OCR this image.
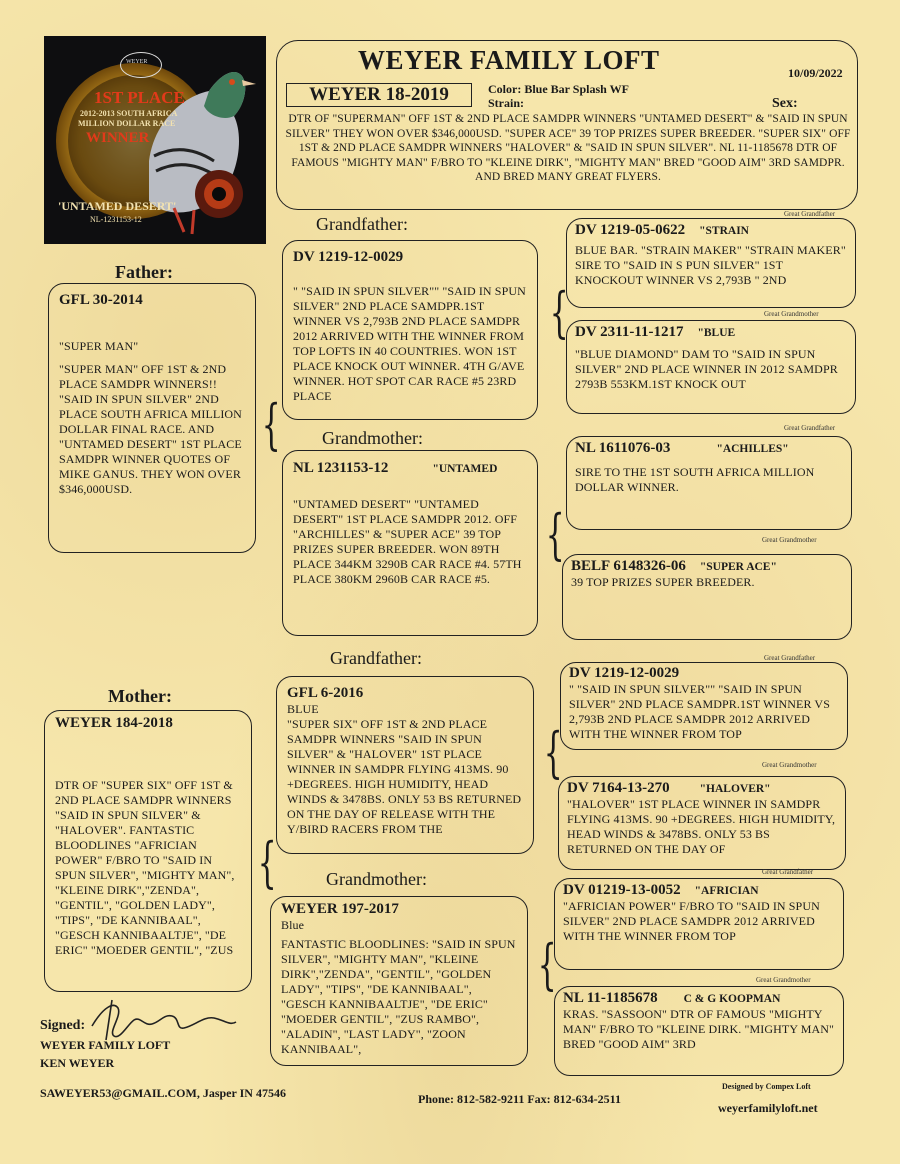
WEYER
1ST PLACE
2012-2013 SOUTH AFRICA
MILLION DOLLAR RACE
WINNER
'UNTAMED DESERT'
NL-1231153-12
WEYER FAMILY LOFT	10/09/2022
WEYER 18-2019	Color: Blue Bar Splash WF
Strain:	Sex:
DTR OF "SUPERMAN" OFF 1ST & 2ND PLACE SAMDPR WINNERS "UNTAMED DESERT" & "SAID IN SPUN SILVER" THEY WON OVER $346,000USD. "SUPER ACE" 39 TOP PRIZES SUPER BREEDER. "SUPER SIX" OFF 1ST & 2ND PLACE SAMDPR WINNERS "HALOVER" & "SAID IN SPUN SILVER". NL 11-1185678 DTR OF FAMOUS "MIGHTY MAN" F/BRO TO "KLEINE DIRK", "MIGHTY MAN" BRED "GOOD AIM" 3RD SAMDPR. AND BRED MANY GREAT FLYERS.
Father:
GFL 30-2014

"SUPER MAN"

"SUPER MAN" OFF 1ST & 2ND PLACE SAMDPR WINNERS!! "SAID IN SPUN SILVER" 2ND PLACE SOUTH AFRICA MILLION DOLLAR FINAL RACE. AND "UNTAMED DESERT" 1ST PLACE SAMDPR WINNER QUOTES OF MIKE GANUS. THEY WON OVER $346,000USD.

Grandfather:
DV 1219-12-0029
" "SAID IN SPUN SILVER"" "SAID IN SPUN SILVER" 2ND PLACE SAMDPR.1ST WINNER VS 2,793B 2ND PLACE SAMDPR 2012 ARRIVED WITH THE WINNER FROM TOP LOFTS IN 40 COUNTRIES. WON 1ST PLACE KNOCK OUT WINNER. 4TH G/AVE WINNER. HOT SPOT CAR RACE #5 23RD PLACE
Grandmother:
NL 1231153-12	"UNTAMED
"UNTAMED DESERT" "UNTAMED DESERT" 1ST PLACE SAMDPR 2012. OFF "ARCHILLES" & "SUPER ACE" 39 TOP PRIZES SUPER BREEDER. WON 89TH PLACE 344KM 3290B CAR RACE #4. 57TH PLACE 380KM 2960B CAR RACE #5.
Mother:
WEYER 184-2018
DTR OF "SUPER SIX" OFF 1ST & 2ND PLACE SAMDPR WINNERS "SAID IN SPUN SILVER" & "HALOVER". FANTASTIC BLOODLINES "AFRICIAN POWER" F/BRO TO "SAID IN SPUN SILVER", "MIGHTY MAN", "KLEINE DIRK","ZENDA", "GENTIL", "GOLDEN LADY", "TIPS", "DE KANNIBAAL", "GESCH KANNIBAALTJE", "DE ERIC" "MOEDER GENTIL", "ZUS
Grandfather:
GFL 6-2016
BLUE
"SUPER SIX" OFF 1ST & 2ND PLACE SAMDPR WINNERS "SAID IN SPUN SILVER" & "HALOVER" 1ST PLACE WINNER IN SAMDPR FLYING 413MS. 90 +DEGREES. HIGH HUMIDITY, HEAD WINDS & 3478BS. ONLY 53 BS RETURNED ON THE DAY OF RELEASE WITH THE Y/BIRD RACERS FROM THE
Grandmother:
WEYER 197-2017
Blue
FANTASTIC BLOODLINES: "SAID IN SPUN SILVER", "MIGHTY MAN", "KLEINE DIRK","ZENDA", "GENTIL", "GOLDEN LADY", "TIPS", "DE KANNIBAAL", "GESCH KANNIBAALTJE", "DE ERIC" "MOEDER GENTIL", "ZUS RAMBO", "ALADIN", "LAST LADY", "ZOON KANNIBAAL",
Great Grandfather
DV 1219-05-0622 "STRAIN
BLUE BAR. "STRAIN MAKER" "STRAIN MAKER" SIRE TO "SAID IN S PUN SILVER" 1ST KNOCKOUT WINNER VS 2,793B " 2ND
Great Grandmother
DV 2311-11-1217 "BLUE
"BLUE DIAMOND" DAM TO "SAID IN SPUN SILVER" 2ND PLACE WINNER IN 2012 SAMDPR 2793B 553KM.1ST KNOCK OUT
Great Grandfather
NL 1611076-03	"ACHILLES"
SIRE TO THE 1ST SOUTH AFRICA MILLION DOLLAR WINNER.
Great Grandmother
BELF 6148326-06 "SUPER ACE"
39 TOP PRIZES SUPER BREEDER.
Great Grandfather
DV 1219-12-0029
" "SAID IN SPUN SILVER"" "SAID IN SPUN SILVER" 2ND PLACE SAMDPR.1ST WINNER VS 2,793B 2ND PLACE SAMDPR 2012 ARRIVED WITH THE WINNER FROM TOP
Great Grandmother
DV 7164-13-270	"HALOVER"
"HALOVER" 1ST PLACE WINNER IN SAMDPR FLYING 413MS. 90 +DEGREES. HIGH HUMIDITY, HEAD WINDS & 3478BS. ONLY 53 BS RETURNED ON THE DAY OF
Great Grandfather
DV 01219-13-0052 "AFRICIAN
"AFRICIAN POWER" F/BRO TO "SAID IN SPUN SILVER" 2ND PLACE SAMDPR 2012 ARRIVED WITH THE WINNER FROM TOP
Great Grandmother
NL 11-1185678 C & G KOOPMAN
KRAS. "SASSOON" DTR OF FAMOUS "MIGHTY MAN" F/BRO TO "KLEINE DIRK. "MIGHTY MAN" BRED "GOOD AIM" 3RD
{
{
{
{
{
{
Signed:
WEYER FAMILY LOFT
KEN WEYER
SAWEYER53@GMAIL.COM, Jasper IN 47546	Phone: 812-582-9211 Fax: 812-634-2511
Designed by Compex Loft
weyerfamilyloft.net
